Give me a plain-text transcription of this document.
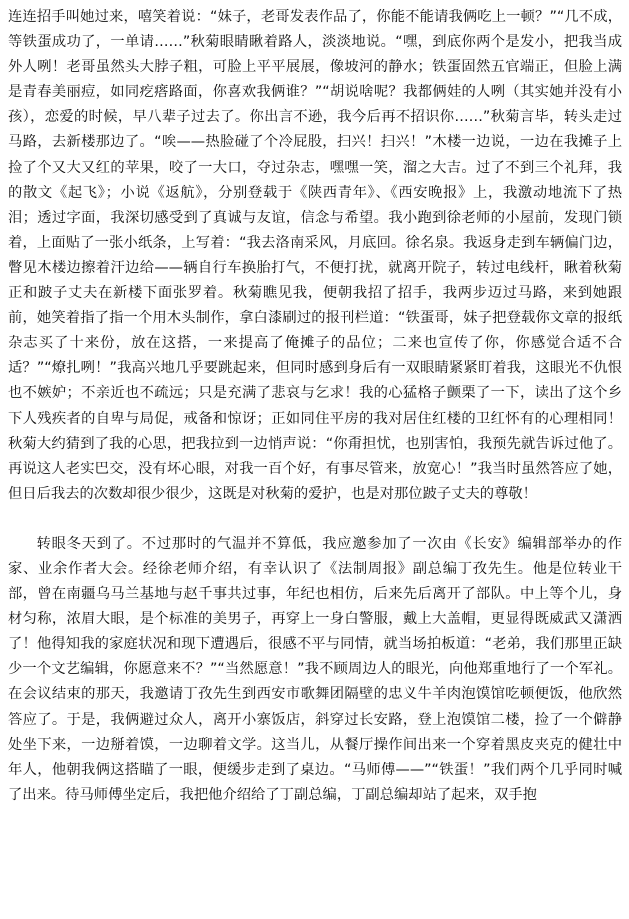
连连招手叫她过来，嘻笑着说：“妹子，老哥发表作品了，你能不能请我俩吃上一顿？”“几不成，等铁蛋成功了，一单请……”秋菊眼睛瞅着路人，淡淡地说。“嘿，到底你两个是发小，把我当成外人咧！老哥虽然头大脖子粗，可脸上平平展展，像坡河的静水；铁蛋固然五官端正，但脸上满是青春美丽痘，如同疙瘩路面，你喜欢我俩谁？”“胡说啥呢？我都俩娃的人咧（其实她并没有小孩），恋爱的时候，早八辈子过去了。你出言不逊，我今后再不招识你……”秋菊言毕，转头走过马路，去新楼那边了。“唉——热脸碰了个冷屁股，扫兴！扫兴！”木楼一边说，一边在我摊子上捡了个又大又红的苹果，咬了一大口，夺过杂志，嘿嘿一笑，溜之大吉。过了不到三个礼拜，我的散文《起飞》；小说《返航》，分别登载于《陕西青年》、《西安晚报》上，我激动地流下了热泪；透过字面，我深切感受到了真诚与友谊，信念与希望。我小跑到徐老师的小屋前，发现门锁着，上面贴了一张小纸条，上写着：“我去洛南采风，月底回。徐名泉。我返身走到车辆偏门边，瞥见木楼边擦着汗边给——辆自行车换胎打气，不便打扰，就离开院子，转过电线杆，瞅着秋菊正和跛子丈夫在新楼下面张罗着。秋菊瞧见我，便朝我招了招手，我两步迈过马路，来到她跟前，她笑着指了指一个用木头制作，拿白漆刷过的报刊栏道：“铁蛋哥，妹子把登载你文章的报纸杂志买了十来份，放在这搭，一来提高了俺摊子的品位；二来也宣传了你，你感觉合适不合适？”“燎扎咧！”我高兴地几乎要跳起来，但同时感到身后有一双眼睛紧紧盯着我，这眼光不仇恨也不嫉妒；不亲近也不疏远；只是充满了悲哀与乞求！我的心猛格子颤栗了一下，读出了这个乡下人残疾者的自卑与局促，戒备和惊讶；正如同住平房的我对居住红楼的卫红怀有的心理相同！秋菊大约猜到了我的心思，把我拉到一边悄声说：“你甭担忧，也别害怕，我预先就告诉过他了。再说这人老实巴交，没有坏心眼，对我一百个好，有事尽管来，放宽心！”我当时虽然答应了她，但日后我去的次数却很少很少，这既是对秋菊的爱护，也是对那位跛子丈夫的尊敬！

转眼冬天到了。不过那时的气温并不算低，我应邀参加了一次由《长安》编辑部举办的作家、业余作者大会。经徐老师介绍，有幸认识了《法制周报》副总编丁孜先生。他是位转业干部，曾在南疆乌马兰基地与赵千事共过事，年纪也相仿，后来先后离开了部队。中上等个儿，身材匀称，浓眉大眼，是个标准的美男子，再穿上一身白警服，戴上大盖帽，更显得既威武又潇洒了！他得知我的家庭状况和现下遭遇后，很感不平与同情，就当场拍板道：“老弟，我们那里正缺少一个文艺编辑，你愿意来不？”“当然愿意！”我不顾周边人的眼光，向他郑重地行了一个军礼。在会议结束的那天，我邀请丁孜先生到西安市歌舞团隔壁的忠义牛羊肉泡馍馆吃顿便饭，他欣然答应了。于是，我俩避过众人，离开小寨饭店，斜穿过长安路，登上泡馍馆二楼，捡了一个僻静处坐下来，一边掰着馍，一边聊着文学。这当儿，从餐厅操作间出来一个穿着黑皮夹克的健壮中年人，他朝我俩这搭瞄了一眼，便缓步走到了桌边。“马师傅——”“铁蛋！”我们两个几乎同时喊了出来。待马师傅坐定后，我把他介绍给了丁副总编，丁副总编却站了起来，双手抱
